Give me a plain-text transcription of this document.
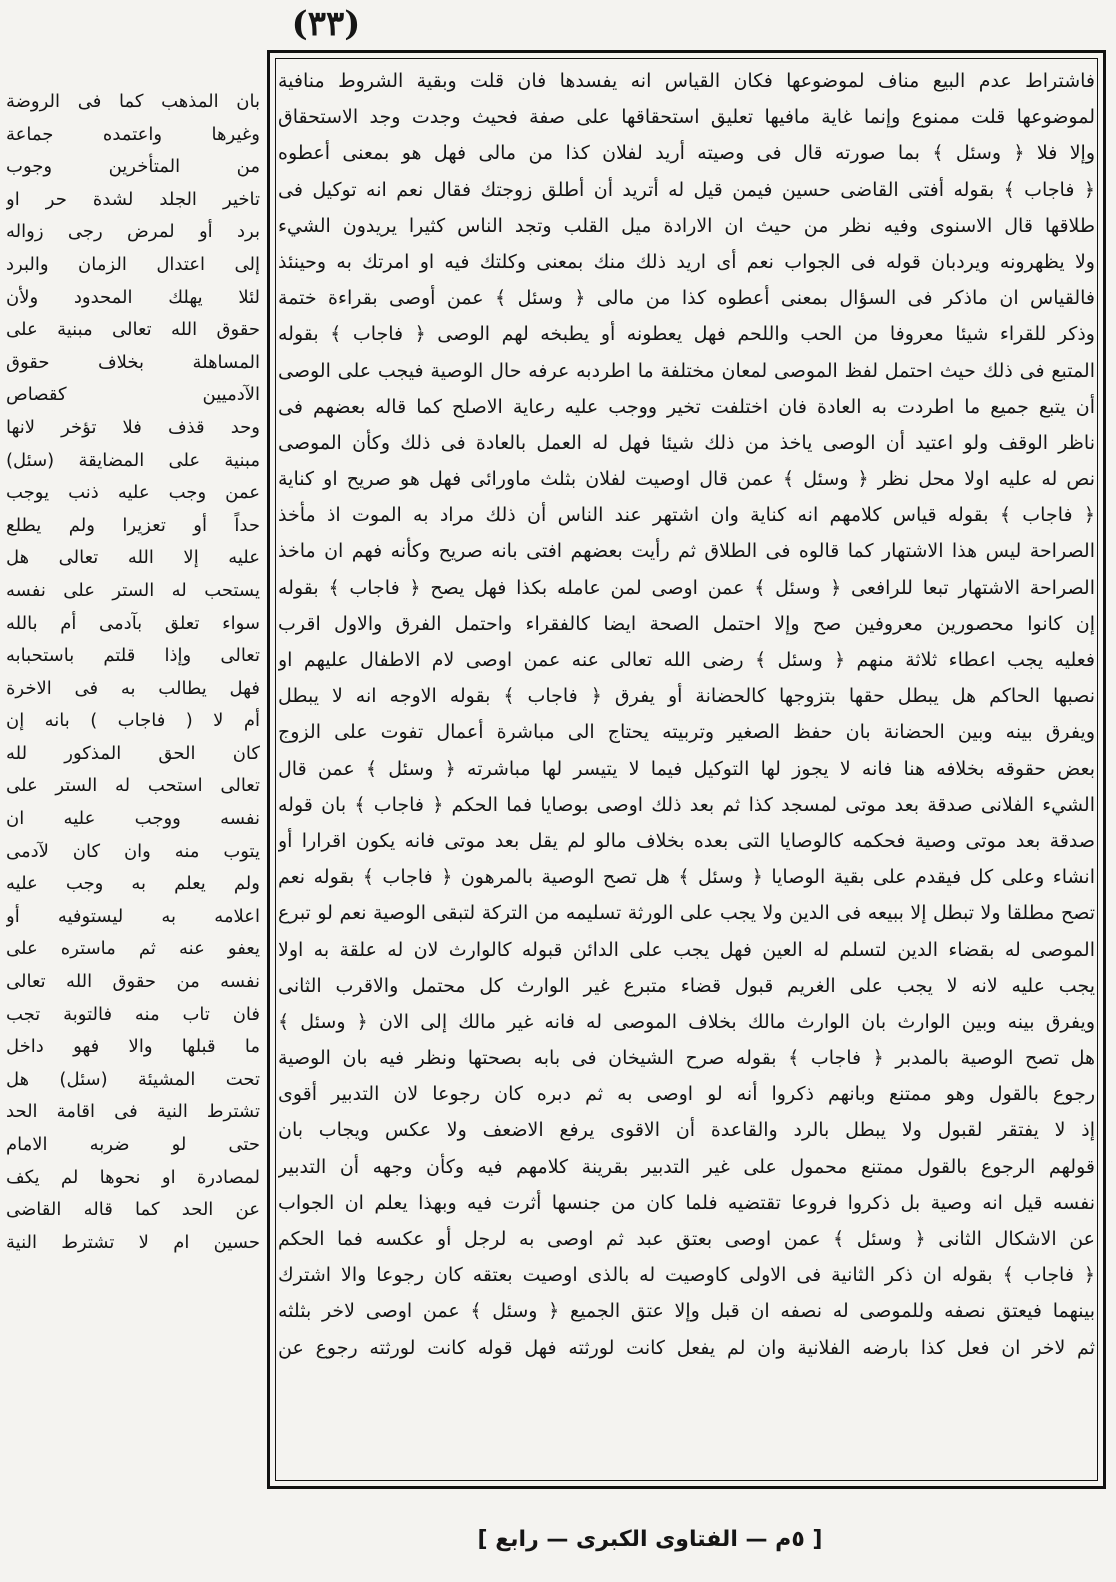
(٣٣)
فاشتراط عدم البيع مناف لموضوعها فكان القياس انه يفسدها فان قلت وبقية الشروط منافية
لموضوعها قلت ممنوع وإنما غاية مافيها تعليق استحقاقها على صفة فحيث وجدت وجد الاستحقاق
وإلا فلا ﴿ وسئل ﴾ بما صورته قال فى وصيته أريد لفلان كذا من مالى فهل هو بمعنى أعطوه
﴿ فاجاب ﴾ بقوله أفتى القاضى حسين فيمن قيل له أتريد أن أطلق زوجتك فقال نعم انه توكيل فى
طلاقها قال الاسنوى وفيه نظر من حيث ان الارادة ميل القلب وتجد الناس كثيرا يريدون الشيء
ولا يظهرونه ويردبان قوله فى الجواب نعم أى اريد ذلك منك بمعنى وكلتك فيه او امرتك به وحينئذ
فالقياس ان ماذكر فى السؤال بمعنى أعطوه كذا من مالى ﴿ وسئل ﴾ عمن أوصى بقراءة ختمة
وذكر للقراء شيئا معروفا من الحب واللحم فهل يعطونه أو يطبخه لهم الوصى ﴿ فاجاب ﴾ بقوله
المتبع فى ذلك حيث احتمل لفظ الموصى لمعان مختلفة ما اطردبه عرفه حال الوصية فيجب على الوصى
أن يتبع جميع ما اطردت به العادة فان اختلفت تخير ووجب عليه رعاية الاصلح كما قاله بعضهم فى
ناظر الوقف ولو اعتيد أن الوصى ياخذ من ذلك شيئا فهل له العمل بالعادة فى ذلك وكأن الموصى
نص له عليه اولا محل نظر ﴿ وسئل ﴾ عمن قال اوصيت لفلان بثلث ماورائى فهل هو صريح او كناية
﴿ فاجاب ﴾ بقوله قياس كلامهم انه كناية وان اشتهر عند الناس أن ذلك مراد به الموت اذ مأخذ
الصراحة ليس هذا الاشتهار كما قالوه فى الطلاق ثم رأيت بعضهم افتى بانه صريح وكأنه فهم ان ماخذ
الصراحة الاشتهار تبعا للرافعى ﴿ وسئل ﴾ عمن اوصى لمن عامله بكذا فهل يصح ﴿ فاجاب ﴾ بقوله
إن كانوا محصورين معروفين صح وإلا احتمل الصحة ايضا كالفقراء واحتمل الفرق والاول اقرب
فعليه يجب اعطاء ثلاثة منهم ﴿ وسئل ﴾ رضى الله تعالى عنه عمن اوصى لام الاطفال عليهم او
نصبها الحاكم هل يبطل حقها بتزوجها كالحضانة أو يفرق ﴿ فاجاب ﴾ بقوله الاوجه انه لا يبطل
ويفرق بينه وبين الحضانة بان حفظ الصغير وتربيته يحتاج الى مباشرة أعمال تفوت على الزوج
بعض حقوقه بخلافه هنا فانه لا يجوز لها التوكيل فيما لا يتيسر لها مباشرته ﴿ وسئل ﴾ عمن قال
الشيء الفلانى صدقة بعد موتى لمسجد كذا ثم بعد ذلك اوصى بوصايا فما الحكم ﴿ فاجاب ﴾ بان قوله
صدقة بعد موتى وصية فحكمه كالوصايا التى بعده بخلاف مالو لم يقل بعد موتى فانه يكون اقرارا أو
انشاء وعلى كل فيقدم على بقية الوصايا ﴿ وسئل ﴾ هل تصح الوصية بالمرهون ﴿ فاجاب ﴾ بقوله نعم
تصح مطلقا ولا تبطل إلا ببيعه فى الدين ولا يجب على الورثة تسليمه من التركة لتبقى الوصية نعم لو تبرع
الموصى له بقضاء الدين لتسلم له العين فهل يجب على الدائن قبوله كالوارث لان له علقة به اولا
يجب عليه لانه لا يجب على الغريم قبول قضاء متبرع غير الوارث كل محتمل والاقرب الثانى
ويفرق بينه وبين الوارث بان الوارث مالك بخلاف الموصى له فانه غير مالك إلى الان ﴿ وسئل ﴾
هل تصح الوصية بالمدبر ﴿ فاجاب ﴾ بقوله صرح الشيخان فى بابه بصحتها ونظر فيه بان الوصية
رجوع بالقول وهو ممتنع وبانهم ذكروا أنه لو اوصى به ثم دبره كان رجوعا لان التدبير أقوى
إذ لا يفتقر لقبول ولا يبطل بالرد والقاعدة أن الاقوى يرفع الاضعف ولا عكس ويجاب بان
قولهم الرجوع بالقول ممتنع محمول على غير التدبير بقرينة كلامهم فيه وكأن وجهه أن التدبير
نفسه قيل انه وصية بل ذكروا فروعا تقتضيه فلما كان من جنسها أثرت فيه وبهذا يعلم ان الجواب
عن الاشكال الثانى ﴿ وسئل ﴾ عمن اوصى بعتق عبد ثم اوصى به لرجل أو عكسه فما الحكم
﴿ فاجاب ﴾ بقوله ان ذكر الثانية فى الاولى كاوصيت له بالذى اوصيت بعتقه كان رجوعا والا اشترك
بينهما فيعتق نصفه وللموصى له نصفه ان قبل وإلا عتق الجميع ﴿ وسئل ﴾ عمن اوصى لاخر بثلثه
ثم لاخر ان فعل كذا بارضه الفلانية وان لم يفعل كانت لورثته فهل قوله كانت لورثته رجوع عن
بان المذهب كما فى الروضة
وغيرها واعتمده جماعة
من المتأخرين وجوب
تاخير الجلد لشدة حر او
برد أو لمرض رجى زواله
إلى اعتدال الزمان والبرد
لئلا يهلك المحدود ولأن
حقوق الله تعالى مبنية على
المساهلة بخلاف حقوق
الآدميين كقصاص
وحد قذف فلا تؤخر لانها
مبنية على المضايقة (سئل)
عمن وجب عليه ذنب يوجب
حداً أو تعزيرا ولم يطلع
عليه إلا الله تعالى هل
يستحب له الستر على نفسه
سواء تعلق بآدمى أم بالله
تعالى وإذا قلتم باستحبابه
فهل يطالب به فى الاخرة
أم لا ( فاجاب ) بانه إن
كان الحق المذكور لله
تعالى استحب له الستر على
نفسه ووجب عليه ان
يتوب منه وان كان لآدمى
ولم يعلم به وجب عليه
اعلامه به ليستوفيه أو
يعفو عنه ثم ماستره على
نفسه من حقوق الله تعالى
فان تاب منه فالتوبة تجب
ما قبلها والا فهو داخل
تحت المشيئة (سئل) هل
تشترط النية فى اقامة الحد
حتى لو ضربه الامام
لمصادرة او نحوها لم يكف
عن الحد كما قاله القاضى
حسين ام لا تشترط النية
[ ٥م — الفتاوى الكبرى — رابع ]
